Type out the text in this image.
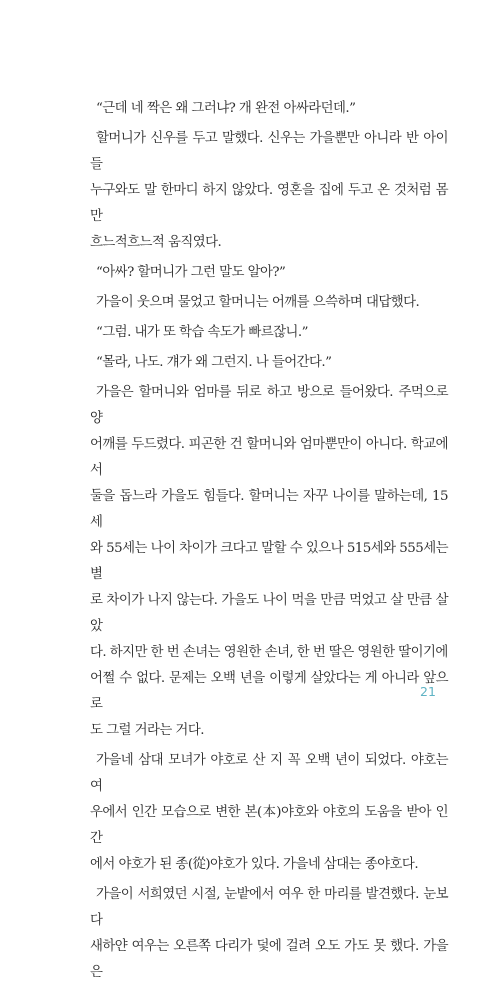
“근데 네 짝은 왜 그러냐? 개 완전 아싸라던데.”

할머니가 신우를 두고 말했다. 신우는 가을뿐만 아니라 반 아이들
누구와도 말 한마디 하지 않았다. 영혼을 집에 두고 온 것처럼 몸만
흐느적흐느적 움직였다.

“아싸? 할머니가 그런 말도 알아?”

가을이 웃으며 물었고 할머니는 어깨를 으쓱하며 대답했다.

“그럼. 내가 또 학습 속도가 빠르잖니.”

“몰라, 나도. 걔가 왜 그런지. 나 들어간다.”

가을은 할머니와 엄마를 뒤로 하고 방으로 들어왔다. 주먹으로 양
어깨를 두드렸다. 피곤한 건 할머니와 엄마뿐만이 아니다. 학교에서
둘을 돕느라 가을도 힘들다. 할머니는 자꾸 나이를 말하는데, 15세
와 55세는 나이 차이가 크다고 말할 수 있으나 515세와 555세는 별
로 차이가 나지 않는다. 가을도 나이 먹을 만큼 먹었고 살 만큼 살았
다. 하지만 한 번 손녀는 영원한 손녀, 한 번 딸은 영원한 딸이기에
어쩔 수 없다. 문제는 오백 년을 이렇게 살았다는 게 아니라 앞으로
도 그럴 거라는 거다.

가을네 삼대 모녀가 야호로 산 지 꼭 오백 년이 되었다. 야호는 여
우에서 인간 모습으로 변한 본(本)야호와 야호의 도움을 받아 인간
에서 야호가 된 종(從)야호가 있다. 가을네 삼대는 종야호다.

가을이 서희였던 시절, 눈밭에서 여우 한 마리를 발견했다. 눈보다
새하얀 여우는 오른쪽 다리가 덫에 걸려 오도 가도 못 했다. 가을은

21
